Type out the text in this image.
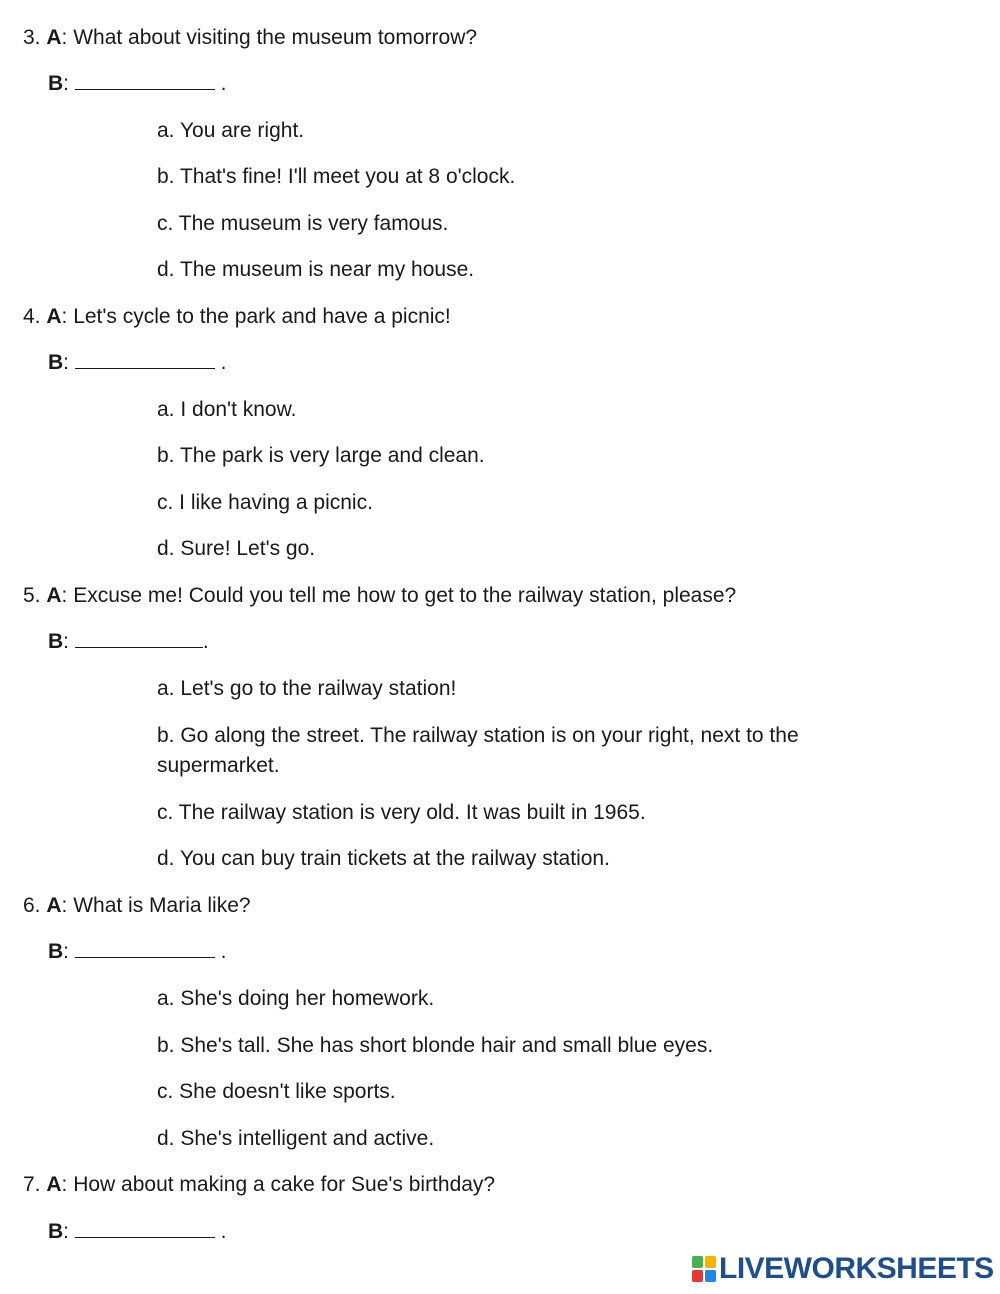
3. A: What about visiting the museum tomorrow?
B:	.
a. You are right.
b. That's fine! I'll meet you at 8 o'clock.
c. The museum is very famous.
d. The museum is near my house.
4. A: Let's cycle to the park and have a picnic!
B:	.
a. I don't know.
b. The park is very large and clean.
c. I like having a picnic.
d. Sure! Let's go.
5. A: Excuse me! Could you tell me how to get to the railway station, please?
B:	.
a. Let's go to the railway station!
b. Go along the street. The railway station is on your right, next to the supermarket.
c. The railway station is very old. It was built in 1965.
d. You can buy train tickets at the railway station.
6. A: What is Maria like?
B:	.
a. She's doing her homework.
b. She's tall. She has short blonde hair and small blue eyes.
c. She doesn't like sports.
d. She's intelligent and active.
7. A: How about making a cake for Sue's birthday?
B:	.
LIVEWORKSHEETS
